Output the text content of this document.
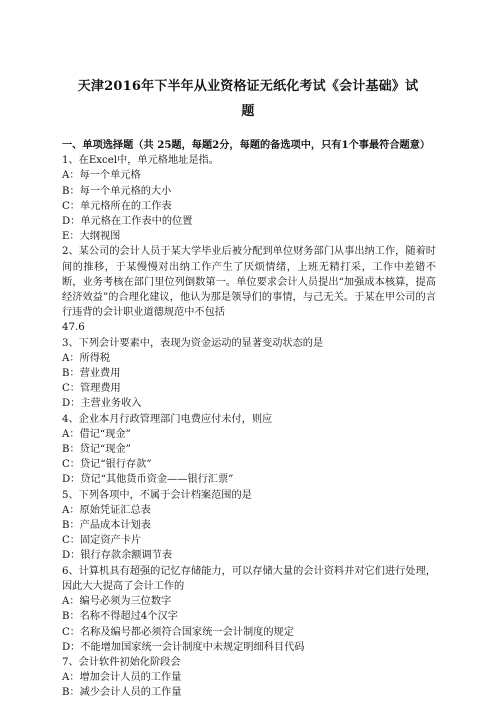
天津2016年下半年从业资格证无纸化考试《会计基础》试
题

一、单项选择题（共 25题，每题2分，每题的备选项中，只有1个事最符合题意）

1、在Excel中，单元格地址是指。

A：每一个单元格

B：每一个单元格的大小

C：单元格所在的工作表

D：单元格在工作表中的位置

E：大纲视图

2、某公司的会计人员于某大学毕业后被分配到单位财务部门从事出纳工作，随着时间的推移，于某慢慢对出纳工作产生了厌烦情绪，上班无精打采，工作中差错不断，业务考核在部门里位列倒数第一。单位要求会计人员提出“加强成本核算，提高经济效益”的合理化建议，他认为那是领导们的事情，与己无关。于某在甲公司的言行违背的会计职业道德规范中不包括

47.6

3、下列会计要素中，表现为资金运动的显著变动状态的是

A：所得税

B：营业费用

C：管理费用

D：主营业务收入

4、企业本月行政管理部门电费应付未付，则应

A：借记“现金”

B：贷记“现金”

C：贷记“银行存款”

D：贷记“其他货币资金——银行汇票”

5、下列各项中，不属于会计档案范围的是

A：原始凭证汇总表

B：产品成本计划表

C：固定资产卡片

D：银行存款余额调节表

6、计算机具有超强的记忆存储能力，可以存储大量的会计资料并对它们进行处理，因此大大提高了会计工作的

A：编号必须为三位数字

B：名称不得超过4个汉字

C：名称及编号都必须符合国家统一会计制度的规定

D：不能增加国家统一会计制度中未规定明细科目代码

7、会计软件初始化阶段会

A：增加会计人员的工作量

B：减少会计人员的工作量
